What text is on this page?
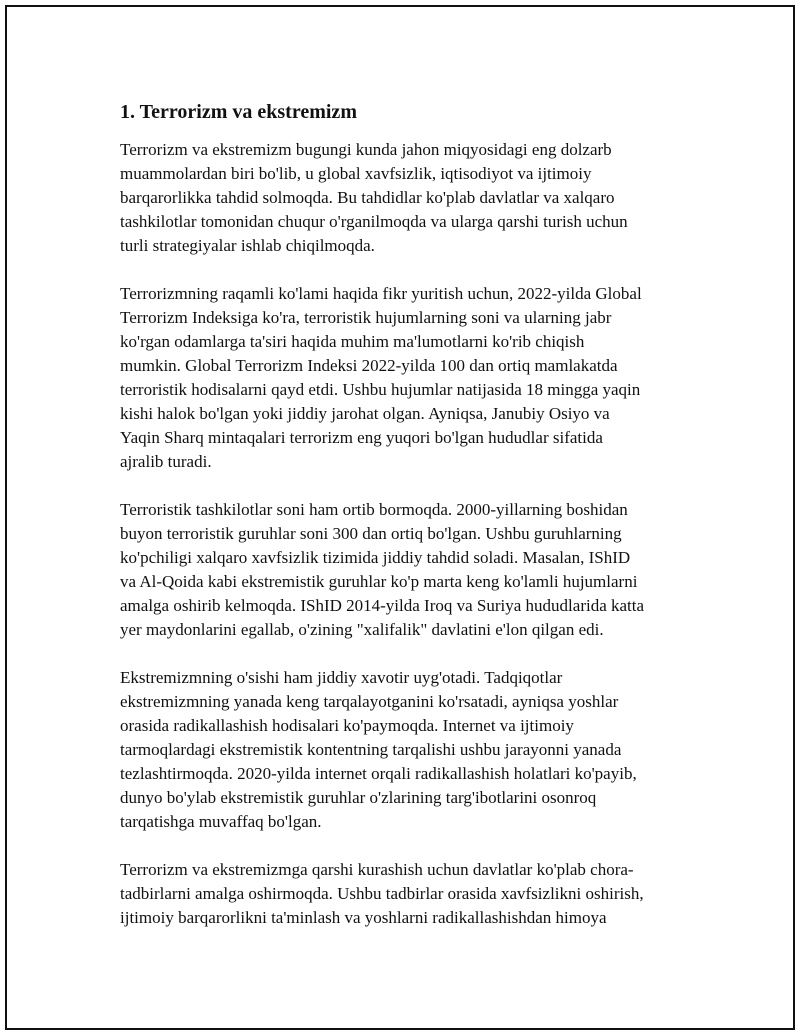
1. Terrorizm va ekstremizm

Terrorizm va ekstremizm bugungi kunda jahon miqyosidagi eng dolzarb
muammolardan biri bo'lib, u global xavfsizlik, iqtisodiyot va ijtimoiy
barqarorlikka tahdid solmoqda. Bu tahdidlar ko'plab davlatlar va xalqaro
tashkilotlar tomonidan chuqur o'rganilmoqda va ularga qarshi turish uchun
turli strategiyalar ishlab chiqilmoqda.

Terrorizmning raqamli ko'lami haqida fikr yuritish uchun, 2022-yilda Global
Terrorizm Indeksiga ko'ra, terroristik hujumlarning soni va ularning jabr
ko'rgan odamlarga ta'siri haqida muhim ma'lumotlarni ko'rib chiqish
mumkin. Global Terrorizm Indeksi 2022-yilda 100 dan ortiq mamlakatda
terroristik hodisalarni qayd etdi. Ushbu hujumlar natijasida 18 mingga yaqin
kishi halok bo'lgan yoki jiddiy jarohat olgan. Ayniqsa, Janubiy Osiyo va
Yaqin Sharq mintaqalari terrorizm eng yuqori bo'lgan hududlar sifatida
ajralib turadi.

Terroristik tashkilotlar soni ham ortib bormoqda. 2000-yillarning boshidan
buyon terroristik guruhlar soni 300 dan ortiq bo'lgan. Ushbu guruhlarning
ko'pchiligi xalqaro xavfsizlik tizimida jiddiy tahdid soladi. Masalan, IShID
va Al-Qoida kabi ekstremistik guruhlar ko'p marta keng ko'lamli hujumlarni
amalga oshirib kelmoqda. IShID 2014-yilda Iroq va Suriya hududlarida katta
yer maydonlarini egallab, o'zining "xalifalik" davlatini e'lon qilgan edi.

Ekstremizmning o'sishi ham jiddiy xavotir uyg'otadi. Tadqiqotlar
ekstremizmning yanada keng tarqalayotganini ko'rsatadi, ayniqsa yoshlar
orasida radikallashish hodisalari ko'paymoqda. Internet va ijtimoiy
tarmoqlardagi ekstremistik kontentning tarqalishi ushbu jarayonni yanada
tezlashtirmoqda. 2020-yilda internet orqali radikallashish holatlari ko'payib,
dunyo bo'ylab ekstremistik guruhlar o'zlarining targ'ibotlarini osonroq
tarqatishga muvaffaq bo'lgan.

Terrorizm va ekstremizmga qarshi kurashish uchun davlatlar ko'plab chora-
tadbirlarni amalga oshirmoqda. Ushbu tadbirlar orasida xavfsizlikni oshirish,
ijtimoiy barqarorlikni ta'minlash va yoshlarni radikallashishdan himoya
